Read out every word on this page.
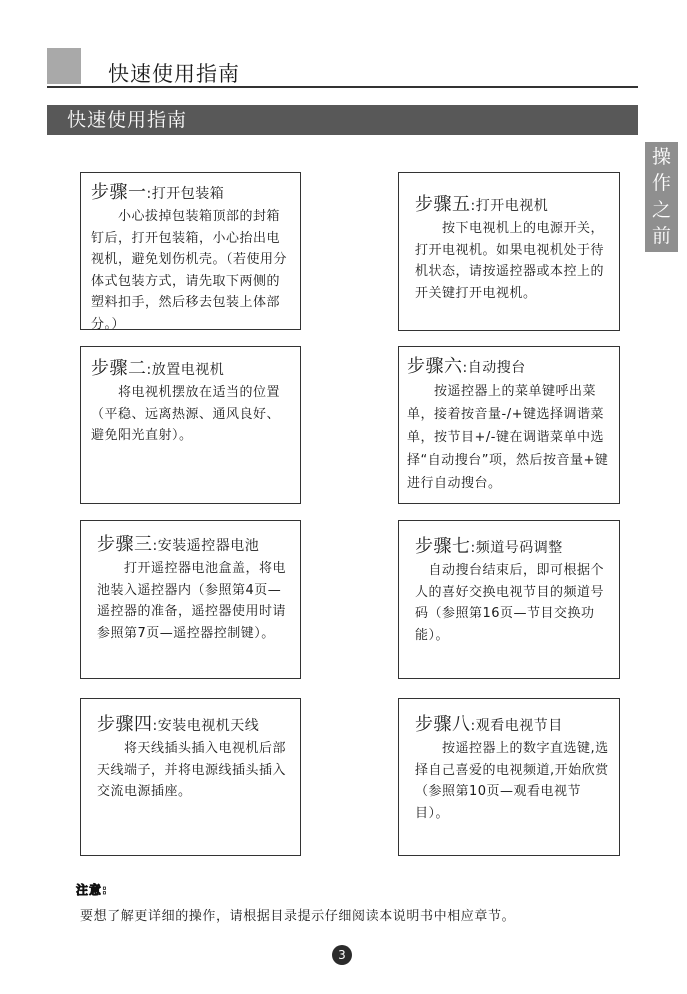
快速使用指南
快速使用指南
操
作
之
前
步骤一:打开包装箱
　　小心拔掉包装箱顶部的封箱钉后，打开包装箱，小心抬出电视机，避免划伤机壳。（若使用分体式包装方式，请先取下两侧的塑料扣手，然后移去包装上体部分。）
步骤二:放置电视机
　　将电视机摆放在适当的位置（平稳、远离热源、通风良好、避免阳光直射）。
步骤三:安装遥控器电池
　　打开遥控器电池盒盖，将电池装入遥控器内（参照第4页—遥控器的准备，遥控器使用时请参照第7页—遥控器控制键）。
步骤四:安装电视机天线
　　将天线插头插入电视机后部天线端子，并将电源线插头插入交流电源插座。
步骤五:打开电视机
　　按下电视机上的电源开关，打开电视机。如果电视机处于待机状态，请按遥控器或本控上的开关键打开电视机。
步骤六:自动搜台
　　按遥控器上的菜单键呼出菜单，接着按音量-/+键选择调谐菜单，按节目+/-键在调谐菜单中选择“自动搜台”项，然后按音量+键进行自动搜台。
步骤七:频道号码调整
　自动搜台结束后，即可根据个人的喜好交换电视节目的频道号码（参照第16页—节目交换功能）。
步骤八:观看电视节目
　　按遥控器上的数字直选键,选择自己喜爱的电视频道,开始欣赏（参照第10页—观看电视节目）。
注意:
要想了解更详细的操作，请根据目录提示仔细阅读本说明书中相应章节。
3
